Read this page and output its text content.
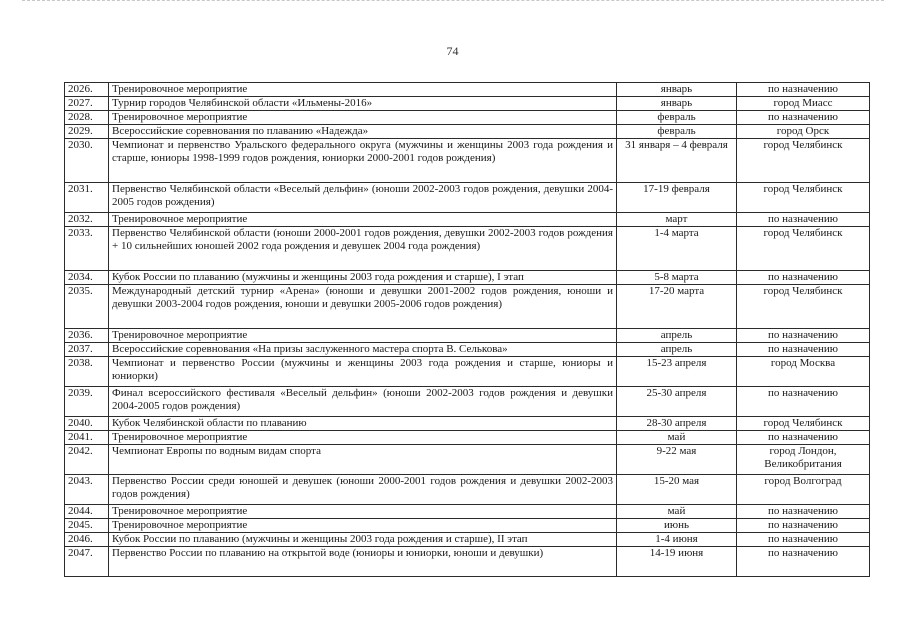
74
2026.	Тренировочное мероприятие	январь	по назначению
2027.	Турнир городов Челябинской области «Ильмены-2016»	январь	город Миасс
2028.	Тренировочное мероприятие	февраль	по назначению
2029.	Всероссийские соревнования по плаванию «Надежда»	февраль	город Орск
2030.	Чемпионат и первенство Уральского федерального округа (мужчины и женщины 2003 года рождения и старше, юниоры 1998-1999 годов рождения, юниорки 2000-2001 годов рождения)	31 января – 4 февраля	город Челябинск
2031.	Первенство Челябинской области «Веселый дельфин» (юноши 2002-2003 годов рождения, девушки 2004-2005 годов рождения)	17-19 февраля	город Челябинск
2032.	Тренировочное мероприятие	март	по назначению
2033.	Первенство Челябинской области (юноши 2000-2001 годов рождения, девушки 2002-2003 годов рождения + 10 сильнейших юношей 2002 года рождения и девушек 2004 года рождения)	1-4 марта	город Челябинск
2034.	Кубок России по плаванию (мужчины и женщины 2003 года рождения и старше), I этап	5-8 марта	по назначению
2035.	Международный детский турнир «Арена» (юноши и девушки 2001-2002 годов рождения, юноши и девушки 2003-2004 годов рождения, юноши и девушки 2005-2006 годов рождения)	17-20 марта	город Челябинск
2036.	Тренировочное мероприятие	апрель	по назначению
2037.	Всероссийские соревнования «На призы заслуженного мастера спорта В. Селькова»	апрель	по назначению
2038.	Чемпионат и первенство России (мужчины и женщины 2003 года рождения и старше, юниоры и юниорки)	15-23 апреля	город Москва
2039.	Финал всероссийского фестиваля «Веселый дельфин» (юноши 2002-2003 годов рождения и девушки 2004-2005 годов рождения)	25-30 апреля	по назначению
2040.	Кубок Челябинской области по плаванию	28-30 апреля	город Челябинск
2041.	Тренировочное мероприятие	май	по назначению
2042.	Чемпионат Европы по водным видам спорта	9-22 мая	город Лондон, Великобритания
2043.	Первенство России среди юношей и девушек (юноши 2000-2001 годов рождения и девушки 2002-2003 годов рождения)	15-20 мая	город Волгоград
2044.	Тренировочное мероприятие	май	по назначению
2045.	Тренировочное мероприятие	июнь	по назначению
2046.	Кубок России по плаванию (мужчины и женщины 2003 года рождения и старше), II этап	1-4 июня	по назначению
2047.	Первенство России по плаванию на открытой воде (юниоры и юниорки, юноши и девушки)	14-19 июня	по назначению
